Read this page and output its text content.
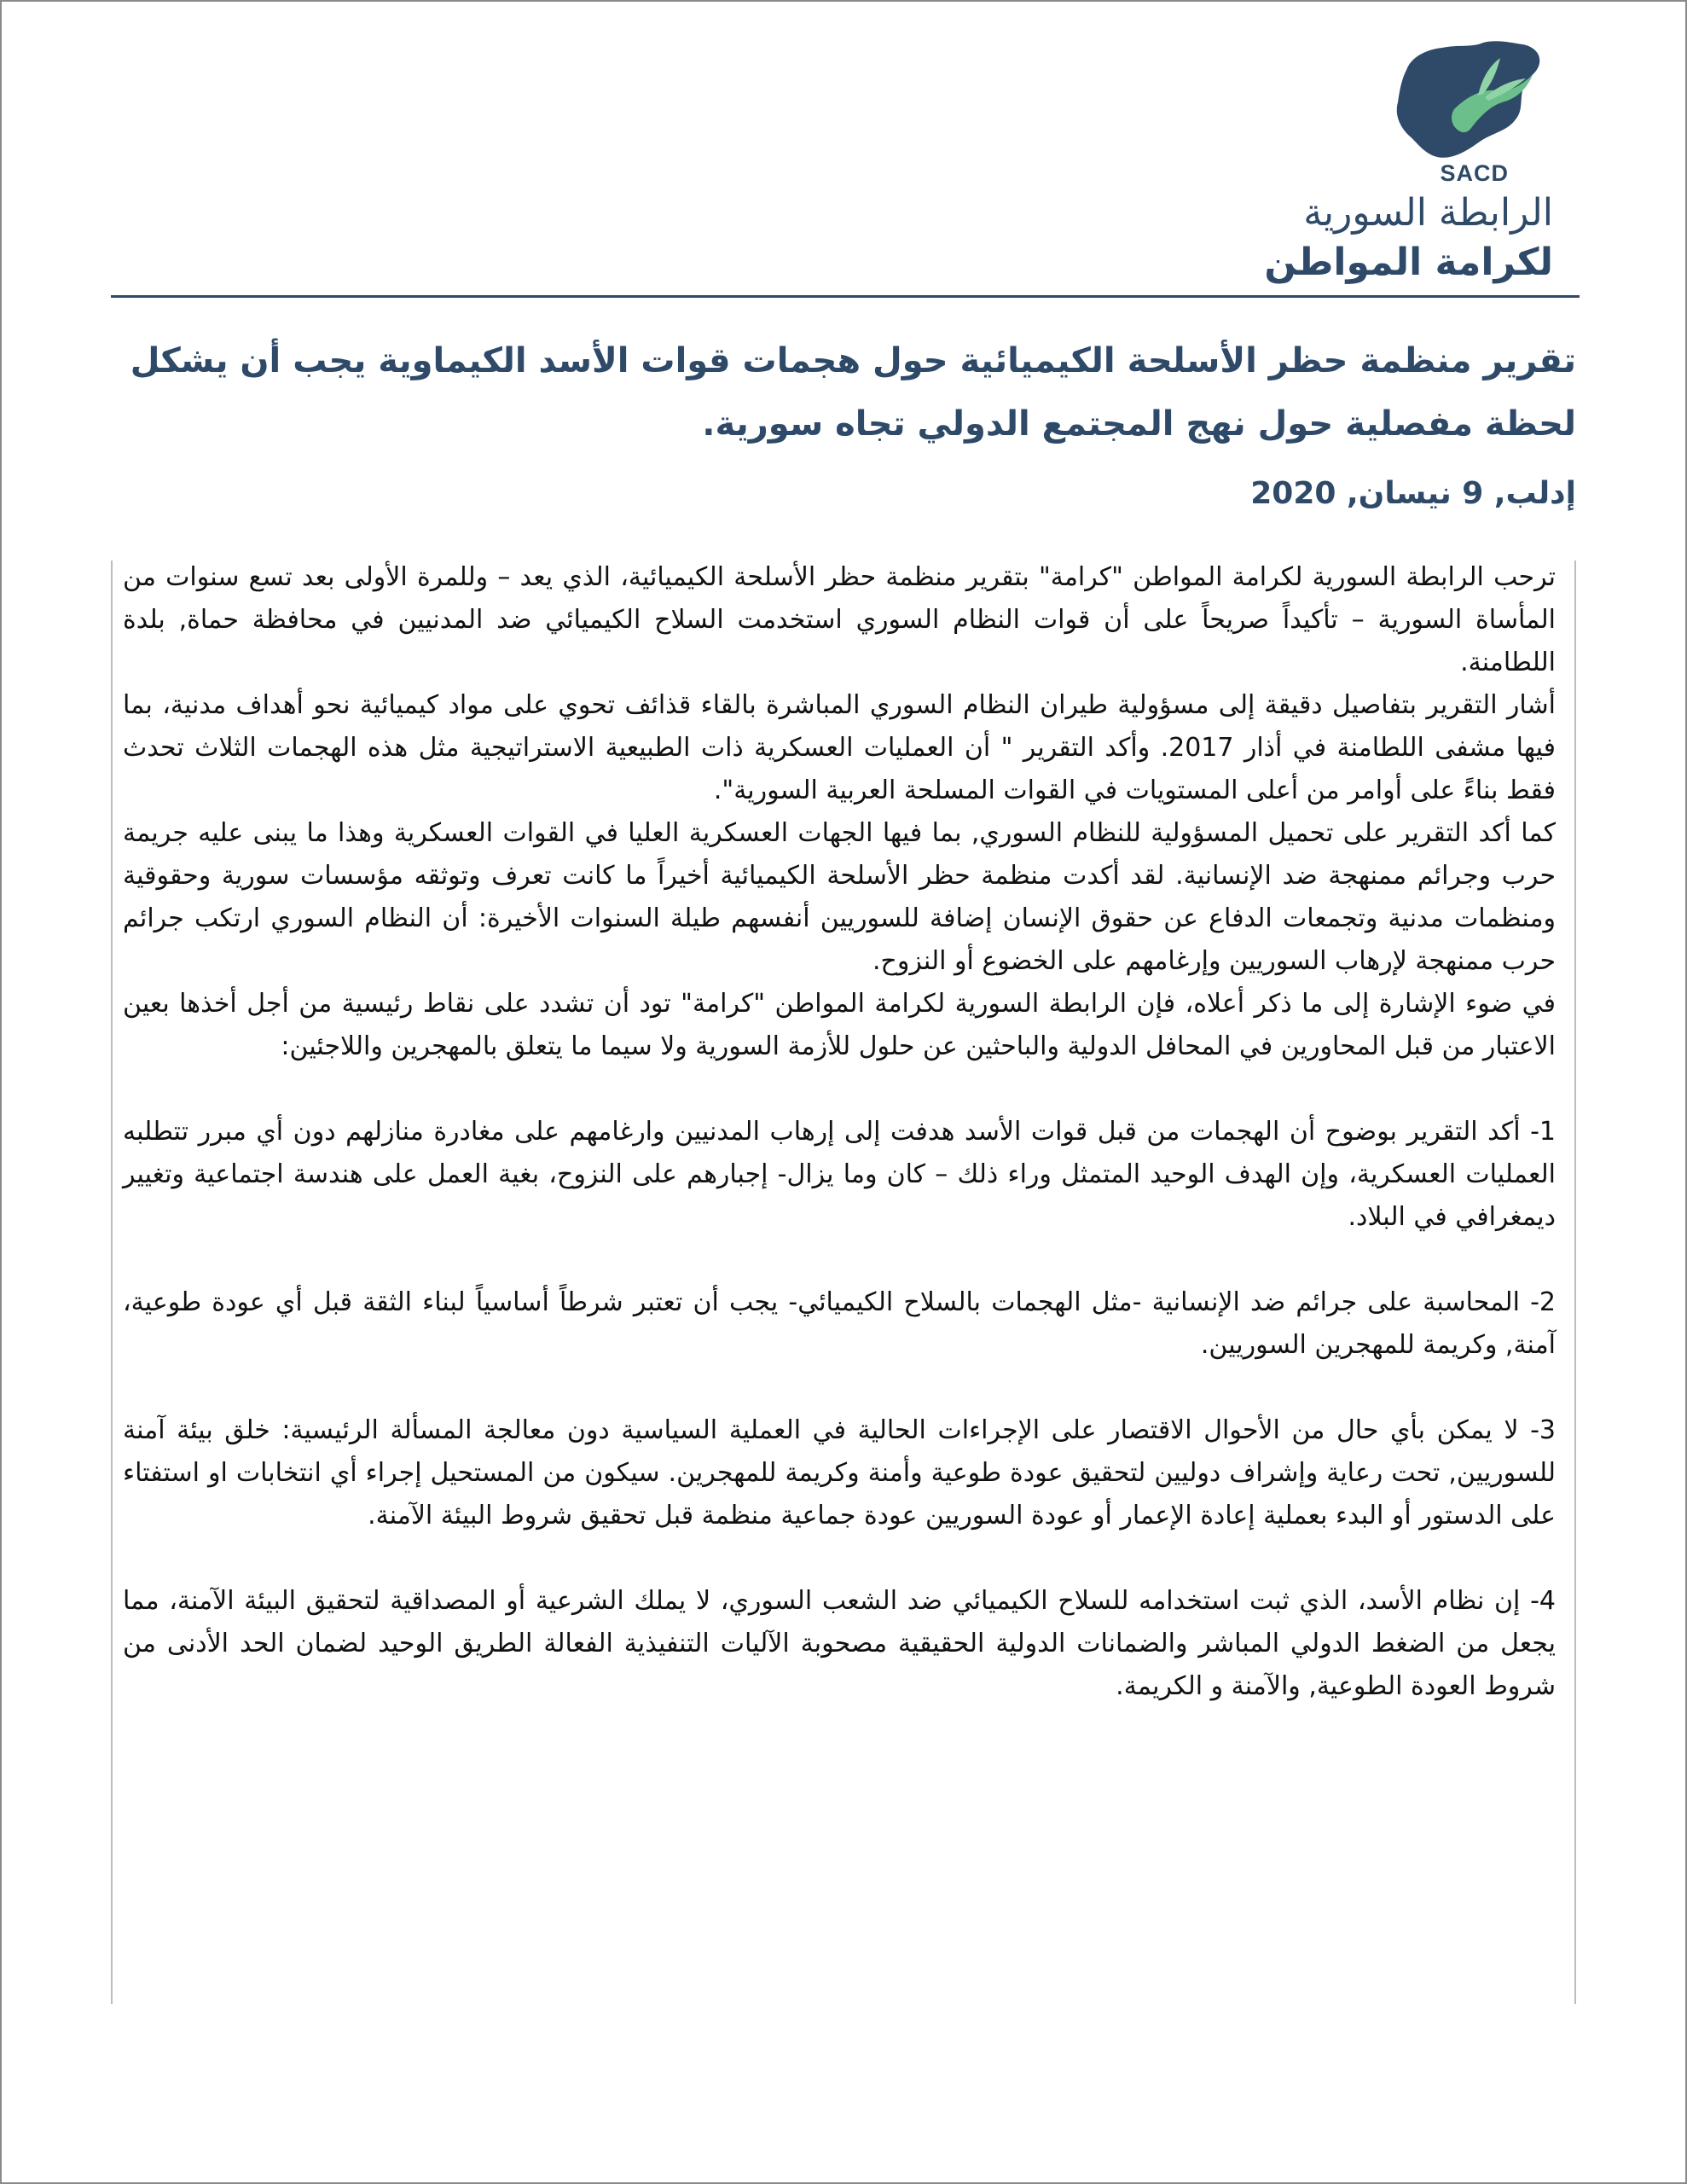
SACD
الرابطة السورية
لكرامة المواطن
تقرير منظمة حظر الأسلحة الكيميائية حول هجمات قوات الأسد الكيماوية يجب أن يشكل لحظة مفصلية حول نهج المجتمع الدولي تجاه سورية.
إدلب, 9 نيسان, 2020

ترحب الرابطة السورية لكرامة المواطن "كرامة" بتقرير منظمة حظر الأسلحة الكيميائية، الذي يعد – وللمرة الأولى بعد تسع سنوات من المأساة السورية – تأكيداً صريحاً على أن قوات النظام السوري استخدمت السلاح الكيميائي ضد المدنيين في محافظة حماة, بلدة اللطامنة.

أشار التقرير بتفاصيل دقيقة إلى مسؤولية طيران النظام السوري المباشرة بالقاء قذائف تحوي على مواد كيميائية نحو أهداف مدنية، بما فيها مشفى اللطامنة في أذار 2017. وأكد التقرير " أن العمليات العسكرية ذات الطبيعية الاستراتيجية مثل هذه الهجمات الثلاث تحدث فقط بناءً على أوامر من أعلى المستويات في القوات المسلحة العربية السورية".

كما أكد التقرير على تحميل المسؤولية للنظام السوري, بما فيها الجهات العسكرية العليا في القوات العسكرية وهذا ما يبنى عليه جريمة حرب وجرائم ممنهجة ضد الإنسانية. لقد أكدت منظمة حظر الأسلحة الكيميائية أخيراً ما كانت تعرف وتوثقه مؤسسات سورية وحقوقية ومنظمات مدنية وتجمعات الدفاع عن حقوق الإنسان إضافة للسوريين أنفسهم طيلة السنوات الأخيرة: أن النظام السوري ارتكب جرائم حرب ممنهجة لإرهاب السوريين وإرغامهم على الخضوع أو النزوح.

في ضوء الإشارة إلى ما ذكر أعلاه، فإن الرابطة السورية لكرامة المواطن "كرامة" تود أن تشدد على نقاط رئيسية من أجل أخذها بعين الاعتبار من قبل المحاورين في المحافل الدولية والباحثين عن حلول للأزمة السورية ولا سيما ما يتعلق بالمهجرين واللاجئين:

1- أكد التقرير بوضوح أن الهجمات من قبل قوات الأسد هدفت إلى إرهاب المدنيين وارغامهم على مغادرة منازلهم دون أي مبرر تتطلبه العمليات العسكرية، وإن الهدف الوحيد المتمثل وراء ذلك – كان وما يزال- إجبارهم على النزوح، بغية العمل على هندسة اجتماعية وتغيير ديمغرافي في البلاد.

2- المحاسبة على جرائم ضد الإنسانية -مثل الهجمات بالسلاح الكيميائي- يجب أن تعتبر شرطاً أساسياً لبناء الثقة قبل أي عودة طوعية، آمنة, وكريمة للمهجرين السوريين.

3- لا يمكن بأي حال من الأحوال الاقتصار على الإجراءات الحالية في العملية السياسية دون معالجة المسألة الرئيسية: خلق بيئة آمنة للسوريين, تحت رعاية وإشراف دوليين لتحقيق عودة طوعية وأمنة وكريمة للمهجرين. سيكون من المستحيل إجراء أي انتخابات او استفتاء على الدستور أو البدء بعملية إعادة الإعمار أو عودة السوريين عودة جماعية منظمة قبل تحقيق شروط البيئة الآمنة.

4- إن نظام الأسد، الذي ثبت استخدامه للسلاح الكيميائي ضد الشعب السوري، لا يملك الشرعية أو المصداقية لتحقيق البيئة الآمنة، مما يجعل من الضغط الدولي المباشر والضمانات الدولية الحقيقية مصحوبة الآليات التنفيذية الفعالة الطريق الوحيد لضمان الحد الأدنى من شروط العودة الطوعية, والآمنة و الكريمة.
